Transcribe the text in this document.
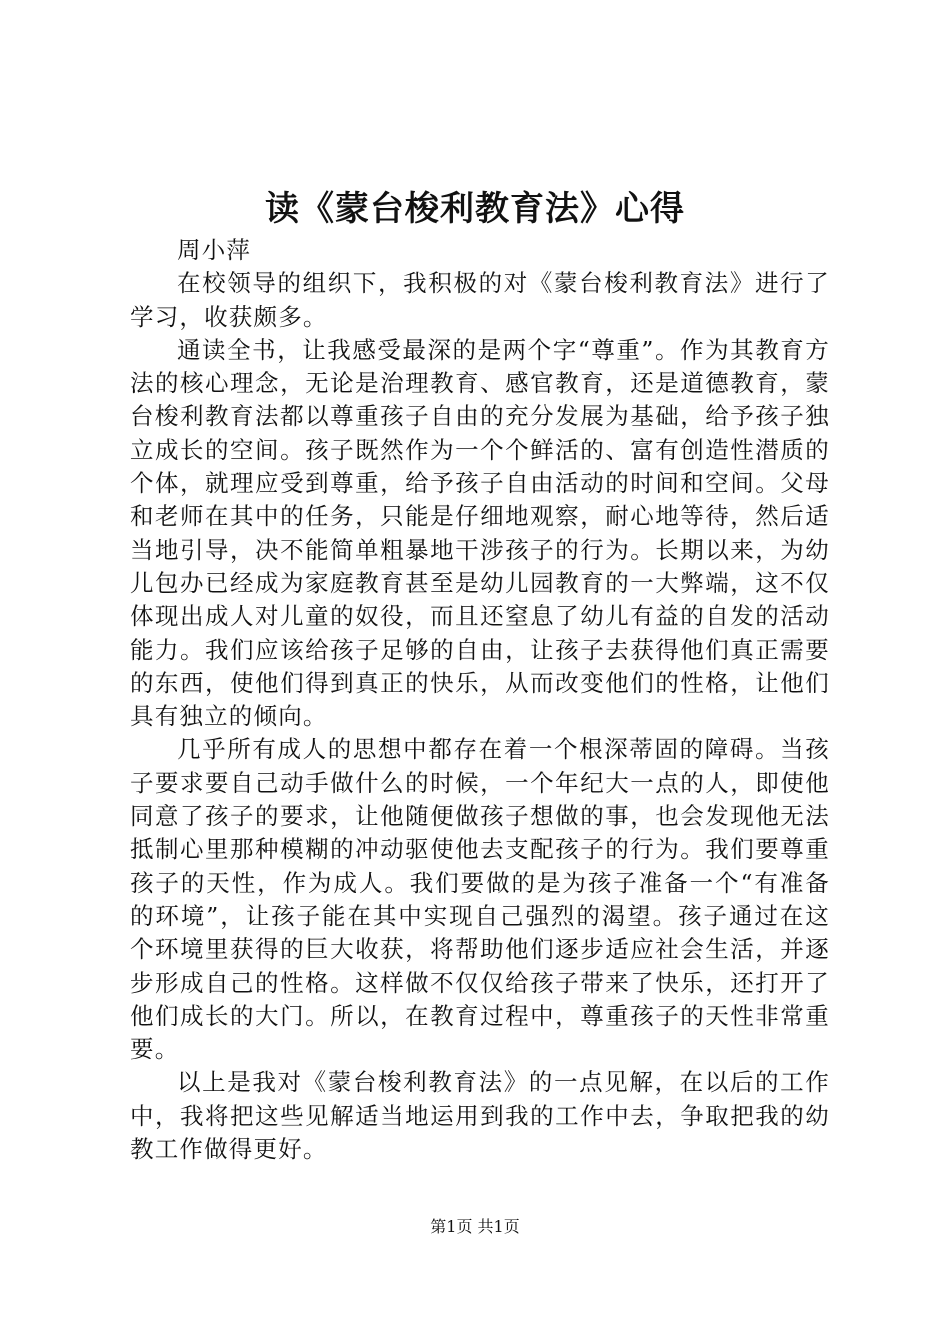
读《蒙台梭利教育法》心得

周小萍

在校领导的组织下，我积极的对《蒙台梭利教育法》进行了学习，收获颇多。

通读全书，让我感受最深的是两个字“尊重”。作为其教育方法的核心理念，无论是治理教育、感官教育，还是道德教育，蒙台梭利教育法都以尊重孩子自由的充分发展为基础，给予孩子独立成长的空间。孩子既然作为一个个鲜活的、富有创造性潜质的个体，就理应受到尊重，给予孩子自由活动的时间和空间。父母和老师在其中的任务，只能是仔细地观察，耐心地等待，然后适当地引导，决不能简单粗暴地干涉孩子的行为。长期以来，为幼儿包办已经成为家庭教育甚至是幼儿园教育的一大弊端，这不仅体现出成人对儿童的奴役，而且还窒息了幼儿有益的自发的活动能力。我们应该给孩子足够的自由，让孩子去获得他们真正需要的东西，使他们得到真正的快乐，从而改变他们的性格，让他们具有独立的倾向。

几乎所有成人的思想中都存在着一个根深蒂固的障碍。当孩子要求要自己动手做什么的时候，一个年纪大一点的人，即使他同意了孩子的要求，让他随便做孩子想做的事，也会发现他无法抵制心里那种模糊的冲动驱使他去支配孩子的行为。我们要尊重孩子的天性，作为成人。我们要做的是为孩子准备一个“有准备的环境”，让孩子能在其中实现自己强烈的渴望。孩子通过在这个环境里获得的巨大收获，将帮助他们逐步适应社会生活，并逐步形成自己的性格。这样做不仅仅给孩子带来了快乐，还打开了他们成长的大门。所以，在教育过程中，尊重孩子的天性非常重要。

以上是我对《蒙台梭利教育法》的一点见解，在以后的工作中，我将把这些见解适当地运用到我的工作中去，争取把我的幼教工作做得更好。

第1页 共1页
